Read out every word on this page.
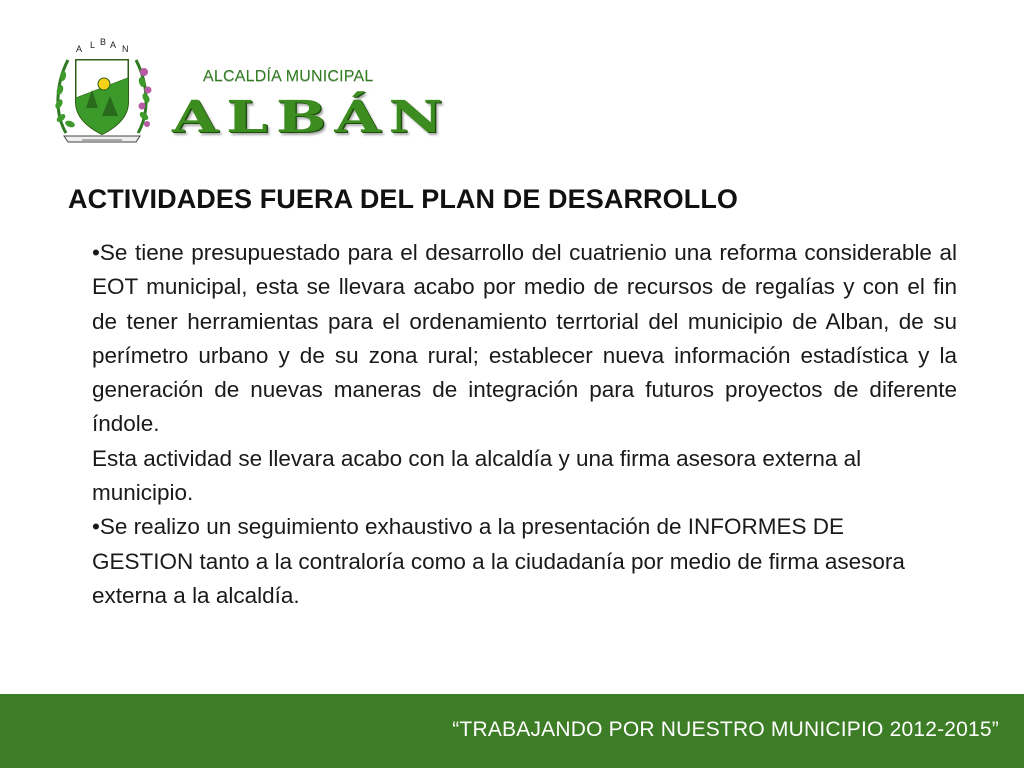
A L B A N
ALCALDÍA MUNICIPAL
ALBÁN
ACTIVIDADES FUERA DEL PLAN DE DESARROLLO

• Se tiene presupuestado para el desarrollo del cuatrienio una reforma considerable al EOT municipal, esta se llevara acabo por medio de recursos de regalías y con el fin de tener herramientas para el ordenamiento terrtorial del municipio de Alban, de su perímetro urbano y de su zona rural; establecer nueva información estadística y la generación de nuevas maneras de integración para futuros proyectos de diferente índole.

Esta actividad se llevara acabo con la alcaldía y una firma asesora externa al municipio.

• Se realizo un seguimiento exhaustivo a la presentación de INFORMES DE GESTION tanto a la contraloría como a la ciudadanía por medio de firma asesora externa a la alcaldía.

“TRABAJANDO POR NUESTRO MUNICIPIO 2012-2015”
